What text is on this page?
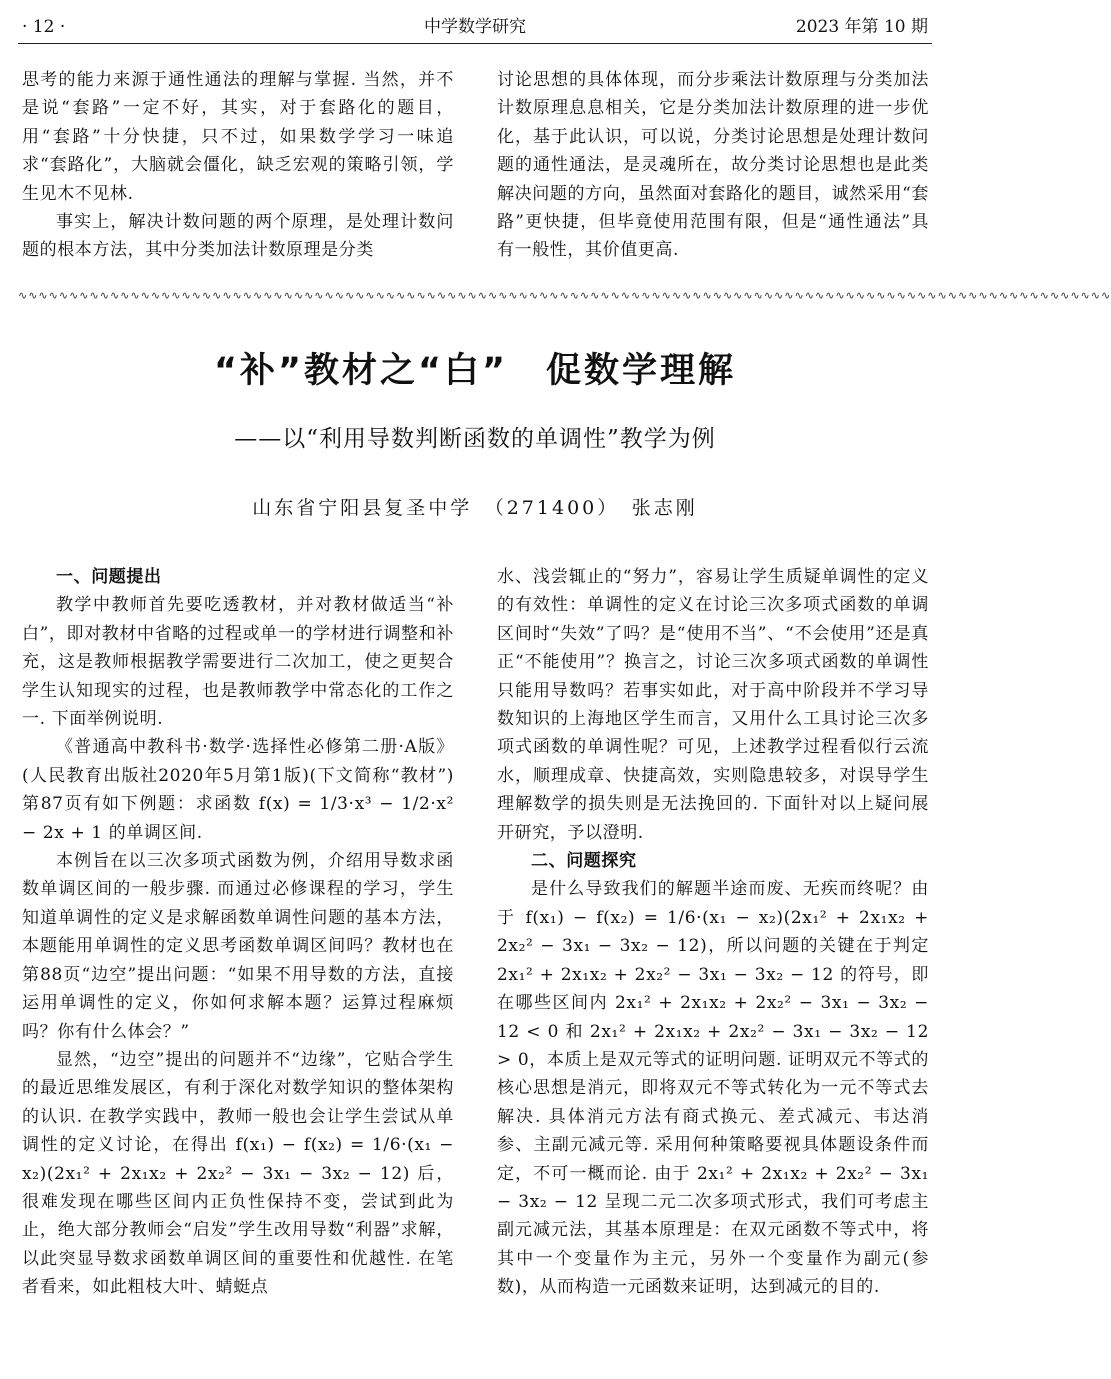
· 12 ·	中学数学研究	2023 年第 10 期

思考的能力来源于通性通法的理解与掌握. 当然，并不是说“套路”一定不好，其实，对于套路化的题目，用“套路”十分快捷，只不过，如果数学学习一味追求“套路化”，大脑就会僵化，缺乏宏观的策略引领，学生见木不见林.

事实上，解决计数问题的两个原理，是处理计数问题的根本方法，其中分类加法计数原理是分类

讨论思想的具体体现，而分步乘法计数原理与分类加法计数原理息息相关，它是分类加法计数原理的进一步优化，基于此认识，可以说，分类讨论思想是处理计数问题的通性通法，是灵魂所在，故分类讨论思想也是此类解决问题的方向，虽然面对套路化的题目，诚然采用“套路”更快捷，但毕竟使用范围有限，但是“通性通法”具有一般性，其价值更高.

∿∿∿∿∿∿∿∿∿∿∿∿∿∿∿∿∿∿∿∿∿∿∿∿∿∿∿∿∿∿∿∿∿∿∿∿∿∿∿∿∿∿∿∿∿∿∿∿∿∿∿∿∿∿∿∿∿∿∿∿∿∿∿∿∿∿∿∿∿∿∿∿∿∿∿∿∿∿∿∿∿∿∿∿∿∿∿∿∿∿∿∿∿∿∿∿∿∿∿∿∿∿∿∿∿∿∿
“补”教材之“白”　促数学理解
——以“利用导数判断函数的单调性”教学为例
山东省宁阳县复圣中学　（271400）　张志刚

一、问题提出

教学中教师首先要吃透教材，并对教材做适当“补白”，即对教材中省略的过程或单一的学材进行调整和补充，这是教师根据教学需要进行二次加工，使之更契合学生认知现实的过程，也是教师教学中常态化的工作之一. 下面举例说明.

《普通高中教科书·数学·选择性必修第二册·A版》(人民教育出版社2020年5月第1版)(下文简称“教材”)第87页有如下例题：求函数 f(x) = 1/3·x³ − 1/2·x² − 2x + 1 的单调区间.

本例旨在以三次多项式函数为例，介绍用导数求函数单调区间的一般步骤. 而通过必修课程的学习，学生知道单调性的定义是求解函数单调性问题的基本方法，本题能用单调性的定义思考函数单调区间吗？教材也在第88页“边空”提出问题：“如果不用导数的方法，直接运用单调性的定义，你如何求解本题？运算过程麻烦吗？你有什么体会？”

显然，“边空”提出的问题并不“边缘”，它贴合学生的最近思维发展区，有利于深化对数学知识的整体架构的认识. 在教学实践中，教师一般也会让学生尝试从单调性的定义讨论，在得出 f(x₁) − f(x₂) = 1/6·(x₁ − x₂)(2x₁² + 2x₁x₂ + 2x₂² − 3x₁ − 3x₂ − 12) 后，很难发现在哪些区间内正负性保持不变，尝试到此为止，绝大部分教师会“启发”学生改用导数“利器”求解，以此突显导数求函数单调区间的重要性和优越性. 在笔者看来，如此粗枝大叶、蜻蜓点

水、浅尝辄止的“努力”，容易让学生质疑单调性的定义的有效性：单调性的定义在讨论三次多项式函数的单调区间时“失效”了吗？是“使用不当”、“不会使用”还是真正“不能使用”？换言之，讨论三次多项式函数的单调性只能用导数吗？若事实如此，对于高中阶段并不学习导数知识的上海地区学生而言，又用什么工具讨论三次多项式函数的单调性呢？可见，上述教学过程看似行云流水，顺理成章、快捷高效，实则隐患较多，对误导学生理解数学的损失则是无法挽回的. 下面针对以上疑问展开研究，予以澄明.

二、问题探究

是什么导致我们的解题半途而废、无疾而终呢？由于 f(x₁) − f(x₂) = 1/6·(x₁ − x₂)(2x₁² + 2x₁x₂ + 2x₂² − 3x₁ − 3x₂ − 12)，所以问题的关键在于判定 2x₁² + 2x₁x₂ + 2x₂² − 3x₁ − 3x₂ − 12 的符号，即在哪些区间内 2x₁² + 2x₁x₂ + 2x₂² − 3x₁ − 3x₂ − 12 < 0 和 2x₁² + 2x₁x₂ + 2x₂² − 3x₁ − 3x₂ − 12 > 0，本质上是双元等式的证明问题. 证明双元不等式的核心思想是消元，即将双元不等式转化为一元不等式去解决. 具体消元方法有商式换元、差式减元、韦达消参、主副元减元等. 采用何种策略要视具体题设条件而定，不可一概而论. 由于 2x₁² + 2x₁x₂ + 2x₂² − 3x₁ − 3x₂ − 12 呈现二元二次多项式形式，我们可考虑主副元减元法，其基本原理是：在双元函数不等式中，将其中一个变量作为主元，另外一个变量作为副元(参数)，从而构造一元函数来证明，达到减元的目的.
